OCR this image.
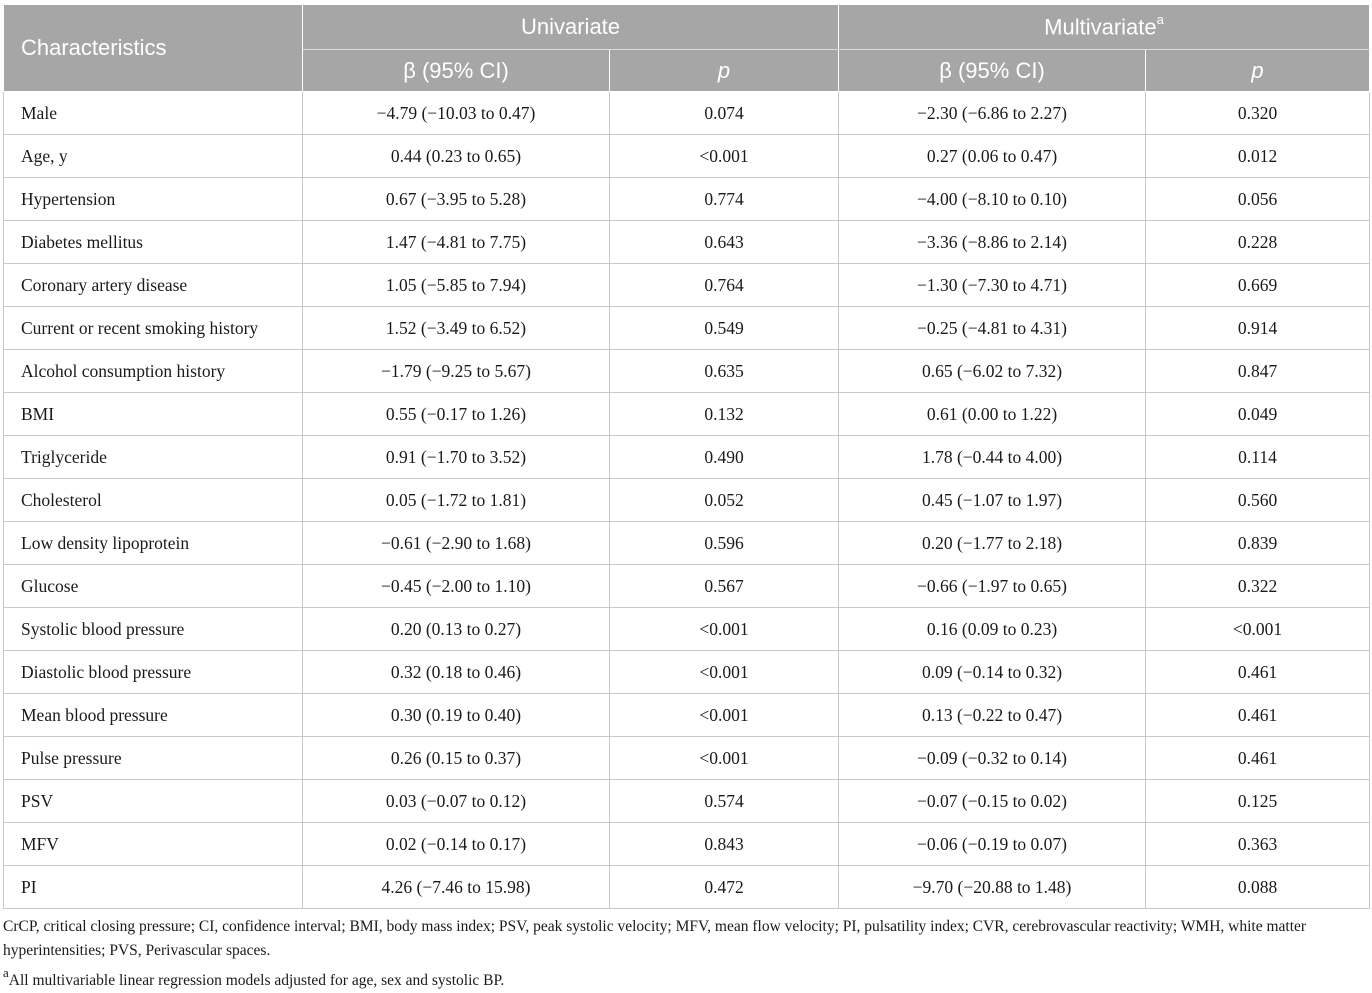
Characteristics	Univariate		Multivariate$^a$
	β (95% CI)	p	β (95% CI)	p
Male	−4.79 (−10.03 to 0.47)	0.074	−2.30 (−6.86 to 2.27)	0.320
Age, y	0.44 (0.23 to 0.65)	<0.001	0.27 (0.06 to 0.47)	0.012
Hypertension	0.67 (−3.95 to 5.28)	0.774	−4.00 (−8.10 to 0.10)	0.056
Diabetes mellitus	1.47 (−4.81 to 7.75)	0.643	−3.36 (−8.86 to 2.14)	0.228
Coronary artery disease	1.05 (−5.85 to 7.94)	0.764	−1.30 (−7.30 to 4.71)	0.669
Current or recent smoking history	1.52 (−3.49 to 6.52)	0.549	−0.25 (−4.81 to 4.31)	0.914
Alcohol consumption history	−1.79 (−9.25 to 5.67)	0.635	0.65 (−6.02 to 7.32)	0.847
BMI	0.55 (−0.17 to 1.26)	0.132	0.61 (0.00 to 1.22)	0.049
Triglyceride	0.91 (−1.70 to 3.52)	0.490	1.78 (−0.44 to 4.00)	0.114
Cholesterol	0.05 (−1.72 to 1.81)	0.052	0.45 (−1.07 to 1.97)	0.560
Low density lipoprotein	−0.61 (−2.90 to 1.68)	0.596	0.20 (−1.77 to 2.18)	0.839
Glucose	−0.45 (−2.00 to 1.10)	0.567	−0.66 (−1.97 to 0.65)	0.322
Systolic blood pressure	0.20 (0.13 to 0.27)	<0.001	0.16 (0.09 to 0.23)	<0.001
Diastolic blood pressure	0.32 (0.18 to 0.46)	<0.001	0.09 (−0.14 to 0.32)	0.461
Mean blood pressure	0.30 (0.19 to 0.40)	<0.001	0.13 (−0.22 to 0.47)	0.461
Pulse pressure	0.26 (0.15 to 0.37)	<0.001	−0.09 (−0.32 to 0.14)	0.461
PSV	0.03 (−0.07 to 0.12)	0.574	−0.07 (−0.15 to 0.02)	0.125
MFV	0.02 (−0.14 to 0.17)	0.843	−0.06 (−0.19 to 0.07)	0.363
PI	4.26 (−7.46 to 15.98)	0.472	−9.70 (−20.88 to 1.48)	0.088

CrCP, critical closing pressure; CI, confidence interval; BMI, body mass index; PSV, peak systolic velocity; MFV, mean flow velocity; PI, pulsatility index; CVR, cerebrovascular reactivity; WMH, white matter hyperintensities; PVS, Perivascular spaces.

$^a$All multivariable linear regression models adjusted for age, sex and systolic BP.
